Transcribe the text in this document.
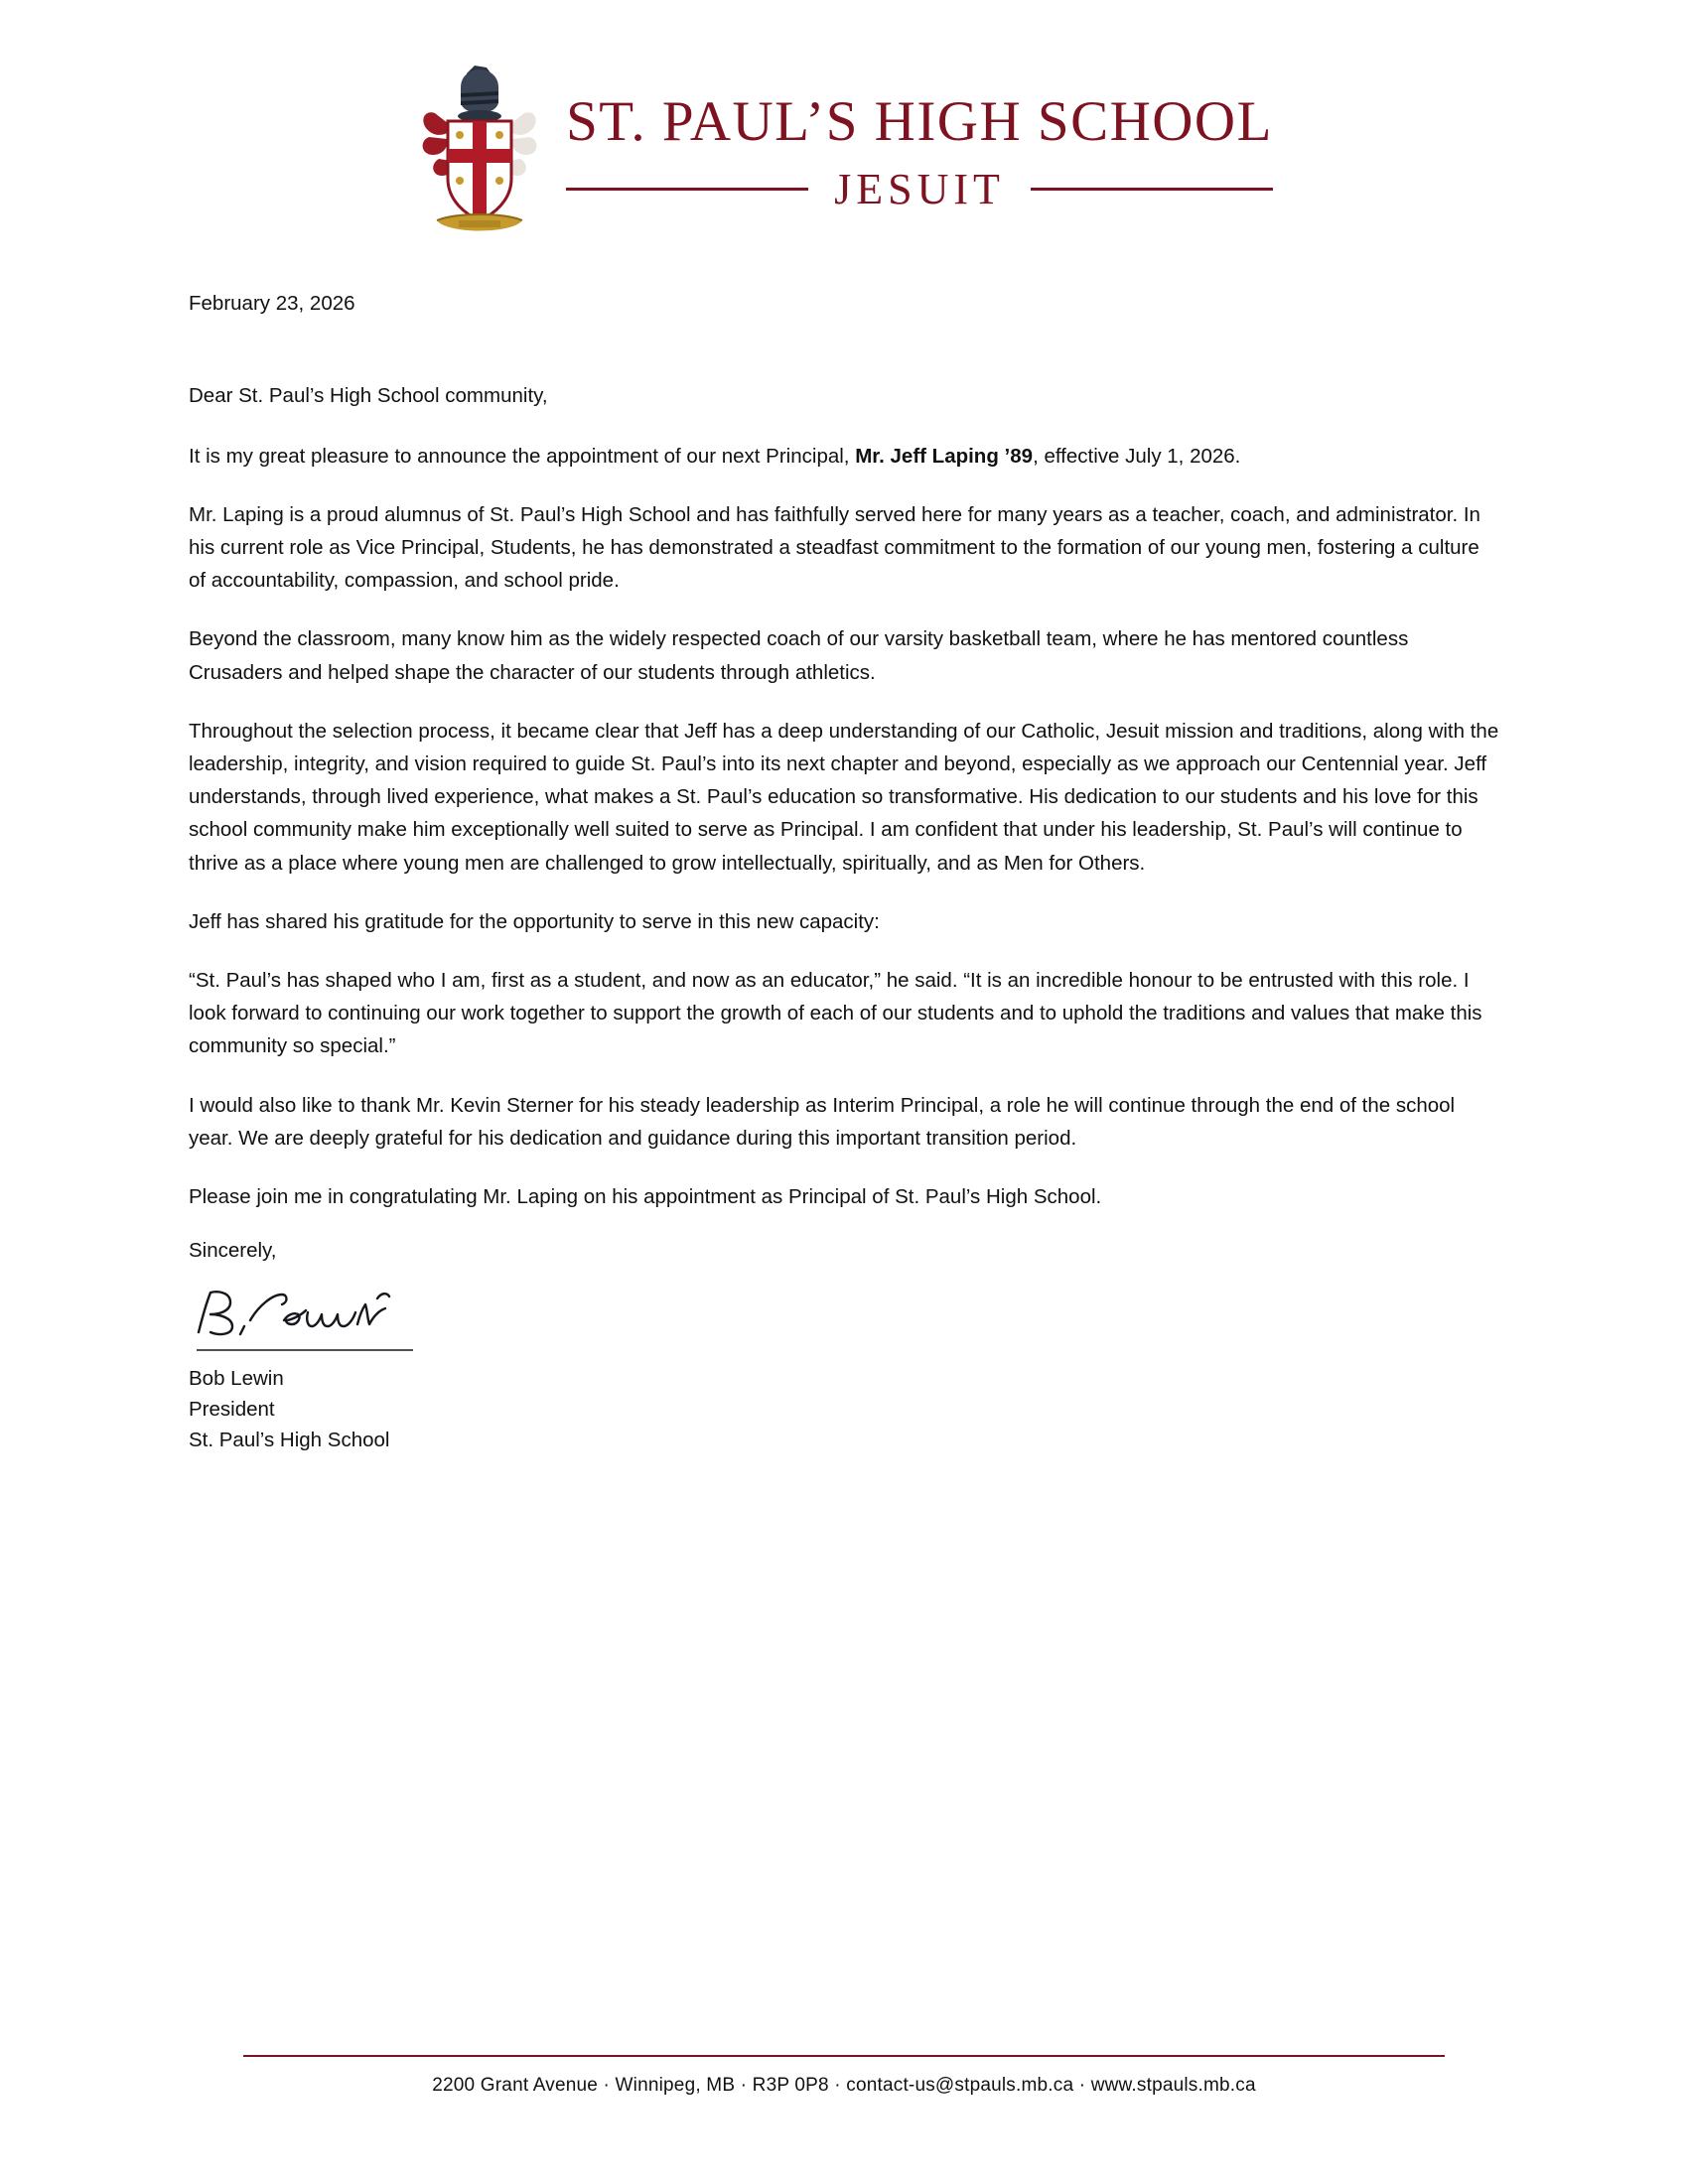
ST. PAUL’S HIGH SCHOOL
JESUIT
February 23, 2026
Dear St. Paul’s High School community,

It is my great pleasure to announce the appointment of our next Principal, Mr. Jeff Laping ’89, effective July 1, 2026.

Mr. Laping is a proud alumnus of St. Paul’s High School and has faithfully served here for many years as a teacher, coach, and administrator. In his current role as Vice Principal, Students, he has demonstrated a steadfast commitment to the formation of our young men, fostering a culture of accountability, compassion, and school pride.

Beyond the classroom, many know him as the widely respected coach of our varsity basketball team, where he has mentored countless Crusaders and helped shape the character of our students through athletics.

Throughout the selection process, it became clear that Jeff has a deep understanding of our Catholic, Jesuit mission and traditions, along with the leadership, integrity, and vision required to guide St. Paul’s into its next chapter and beyond, especially as we approach our Centennial year. Jeff understands, through lived experience, what makes a St. Paul’s education so transformative. His dedication to our students and his love for this school community make him exceptionally well suited to serve as Principal. I am confident that under his leadership, St. Paul’s will continue to thrive as a place where young men are challenged to grow intellectually, spiritually, and as Men for Others.

Jeff has shared his gratitude for the opportunity to serve in this new capacity:

“St. Paul’s has shaped who I am, first as a student, and now as an educator,” he said. “It is an incredible honour to be entrusted with this role. I look forward to continuing our work together to support the growth of each of our students and to uphold the traditions and values that make this community so special.”

I would also like to thank Mr. Kevin Sterner for his steady leadership as Interim Principal, a role he will continue through the end of the school year. We are deeply grateful for his dedication and guidance during this important transition period.

Please join me in congratulating Mr. Laping on his appointment as Principal of St. Paul’s High School.

Sincerely,
Bob Lewin
President
St. Paul’s High School
2200 Grant Avenue · Winnipeg, MB · R3P 0P8 · contact-us@stpauls.mb.ca · www.stpauls.mb.ca
